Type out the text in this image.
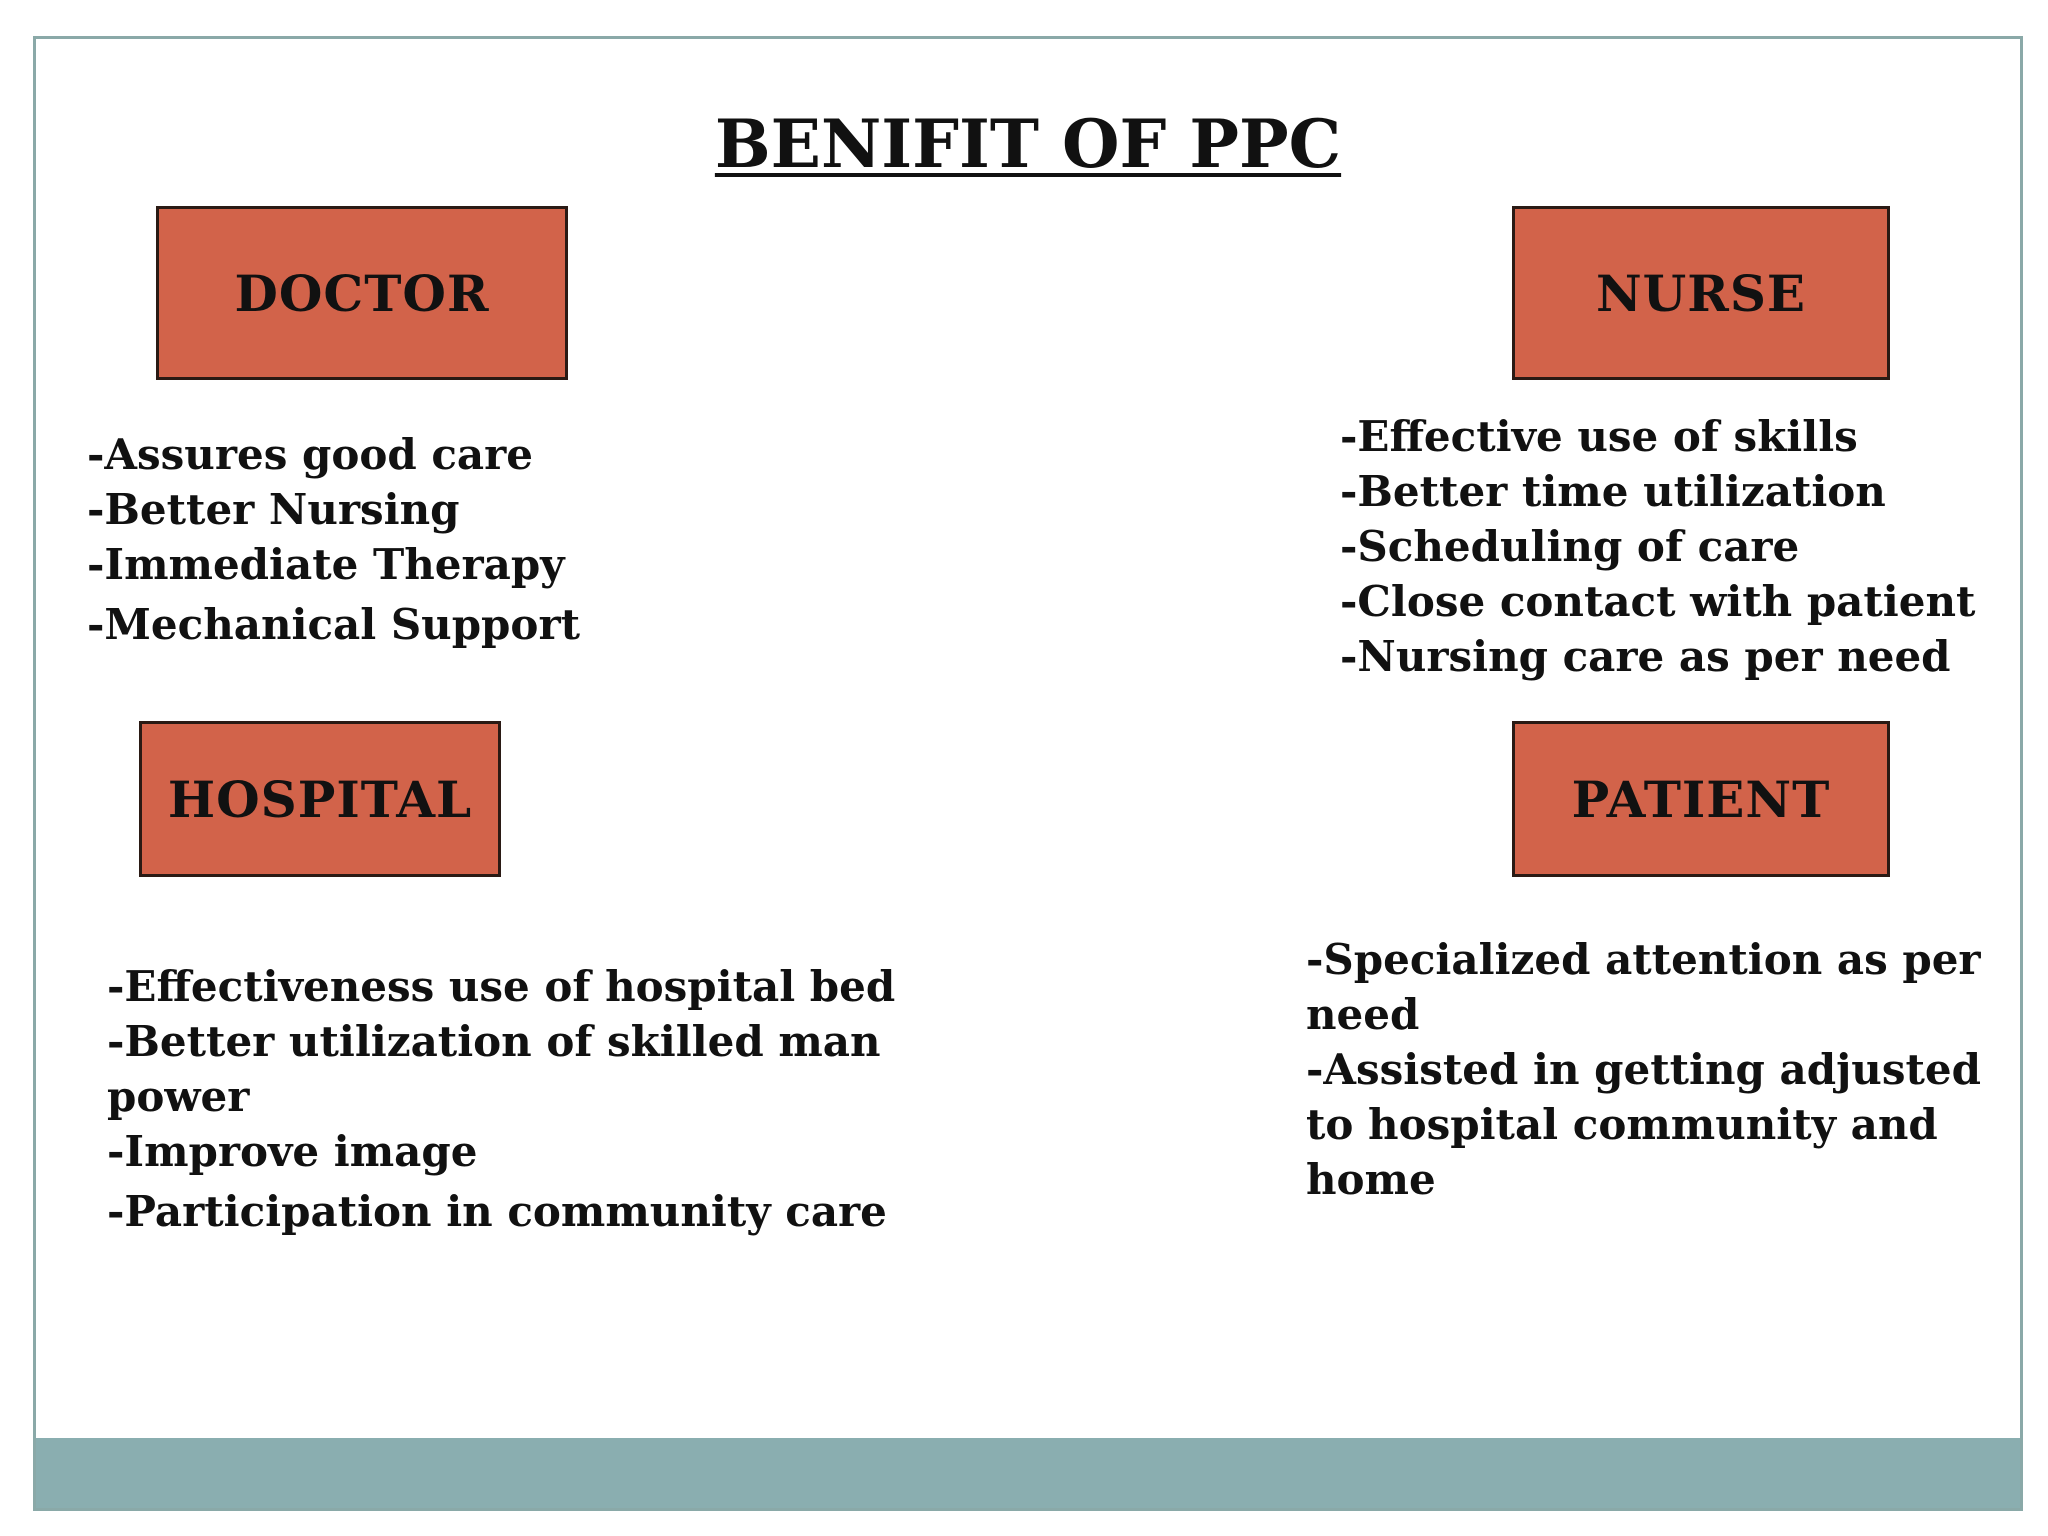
BENIFIT OF PPC
DOCTOR
-Assures good care
-Better Nursing
-Immediate Therapy
-Mechanical Support
NURSE
-Effective use of skills
-Better time utilization
-Scheduling of care
-Close contact with patient
-Nursing care as per need
HOSPITAL
-Effectiveness use of hospital bed
-Better utilization of skilled man power
-Improve image
-Participation in community care
PATIENT
-Specialized attention as per need
-Assisted in getting adjusted to hospital community and home
